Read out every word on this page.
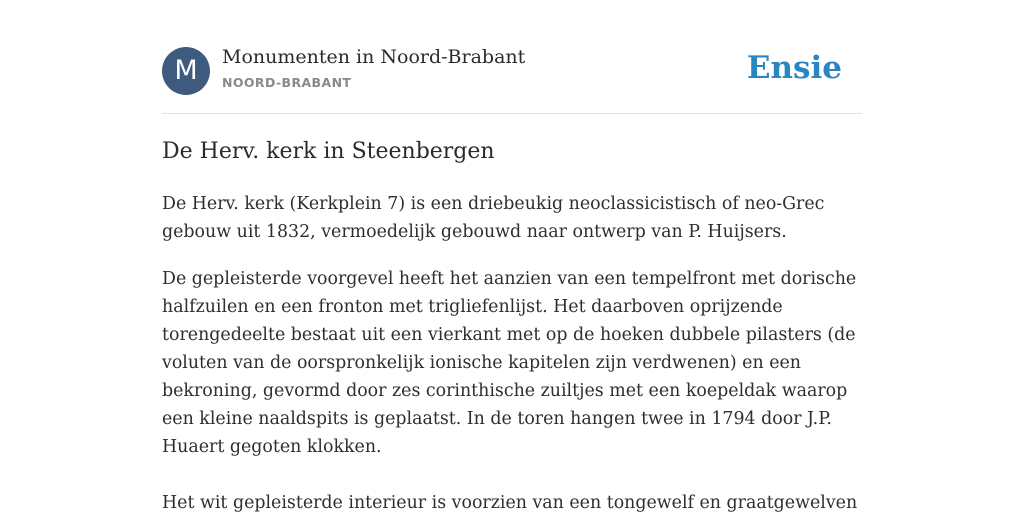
M	Monumenten in Noord-Brabant
NOORD-BRABANT	Ensie
De Herv. kerk in Steenbergen

De Herv. kerk (Kerkplein 7) is een driebeukig neoclassicistisch of neo-Grec gebouw uit 1832, vermoedelijk gebouwd naar ontwerp van P. Huijsers.

De gepleisterde voorgevel heeft het aanzien van een tempelfront met dorische halfzuilen en een fronton met trigliefenlijst. Het daarboven oprijzende torengedeelte bestaat uit een vierkant met op de hoeken dubbele pilasters (de voluten van de oorspronkelijk ionische kapitelen zijn verdwenen) en een bekroning, gevormd door zes corinthische zuiltjes met een koepeldak waarop een kleine naaldspits is geplaatst. In de toren hangen twee in 1794 door J.P. Huaert gegoten klokken.

Het wit gepleisterde interieur is voorzien van een tongewelf en graatgewelven
